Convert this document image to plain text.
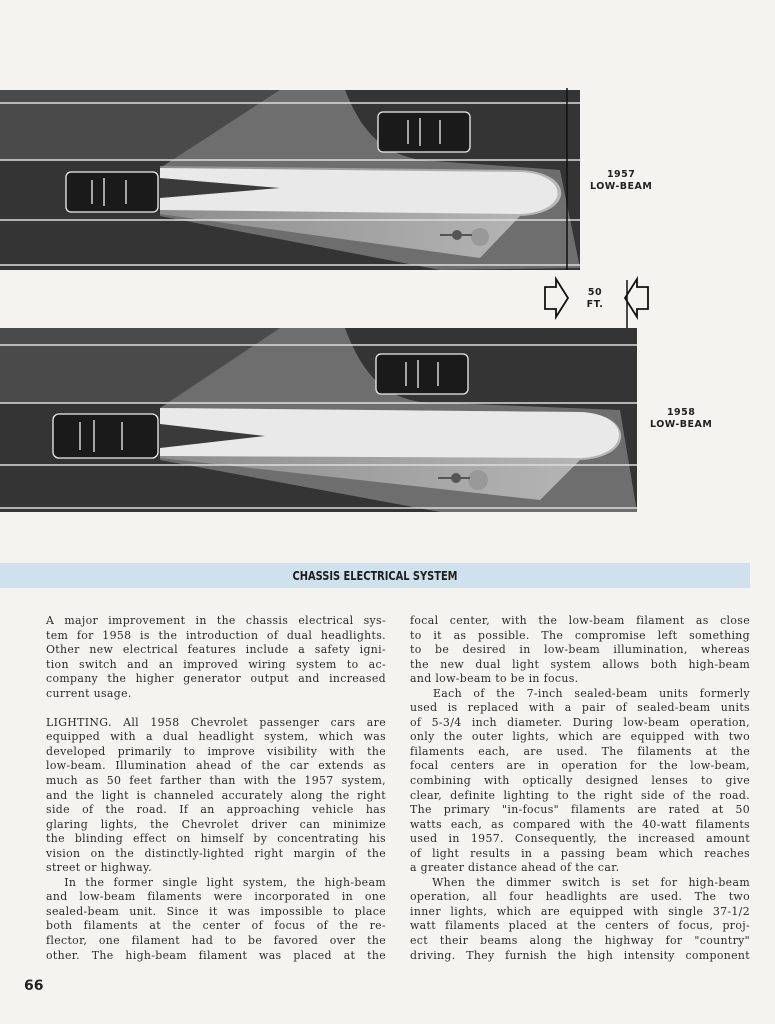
1957
LOW-BEAM
50
FT.
1958
LOW-BEAM
CHASSIS ELECTRICAL SYSTEM
A major improvement in the chassis electrical sys-
tem for 1958 is the introduction of dual headlights.
Other new electrical features include a safety igni-
tion switch and an improved wiring system to ac-
company the higher generator output and increased
current usage.
LIGHTING. All 1958 Chevrolet passenger cars are
equipped with a dual headlight system, which was
developed primarily to improve visibility with the
low-beam. Illumination ahead of the car extends as
much as 50 feet farther than with the 1957 system,
and the light is channeled accurately along the right
side of the road. If an approaching vehicle has
glaring lights, the Chevrolet driver can minimize
the blinding effect on himself by concentrating his
vision on the distinctly-lighted right margin of the
street or highway.
In the former single light system, the high-beam
and low-beam filaments were incorporated in one
sealed-beam unit. Since it was impossible to place
both filaments at the center of focus of the re-
flector, one filament had to be favored over the
other. The high-beam filament was placed at the
focal center, with the low-beam filament as close
to it as possible. The compromise left something
to be desired in low-beam illumination, whereas
the new dual light system allows both high-beam
and low-beam to be in focus.
Each of the 7-inch sealed-beam units formerly
used is replaced with a pair of sealed-beam units
of 5-3/4 inch diameter. During low-beam operation,
only the outer lights, which are equipped with two
filaments each, are used. The filaments at the
focal centers are in operation for the low-beam,
combining with optically designed lenses to give
clear, definite lighting to the right side of the road.
The primary "in-focus" filaments are rated at 50
watts each, as compared with the 40-watt filaments
used in 1957. Consequently, the increased amount
of light results in a passing beam which reaches
a greater distance ahead of the car.
When the dimmer switch is set for high-beam
operation, all four headlights are used. The two
inner lights, which are equipped with single 37-1/2
watt filaments placed at the centers of focus, proj-
ect their beams along the highway for "country"
driving. They furnish the high intensity component
66
